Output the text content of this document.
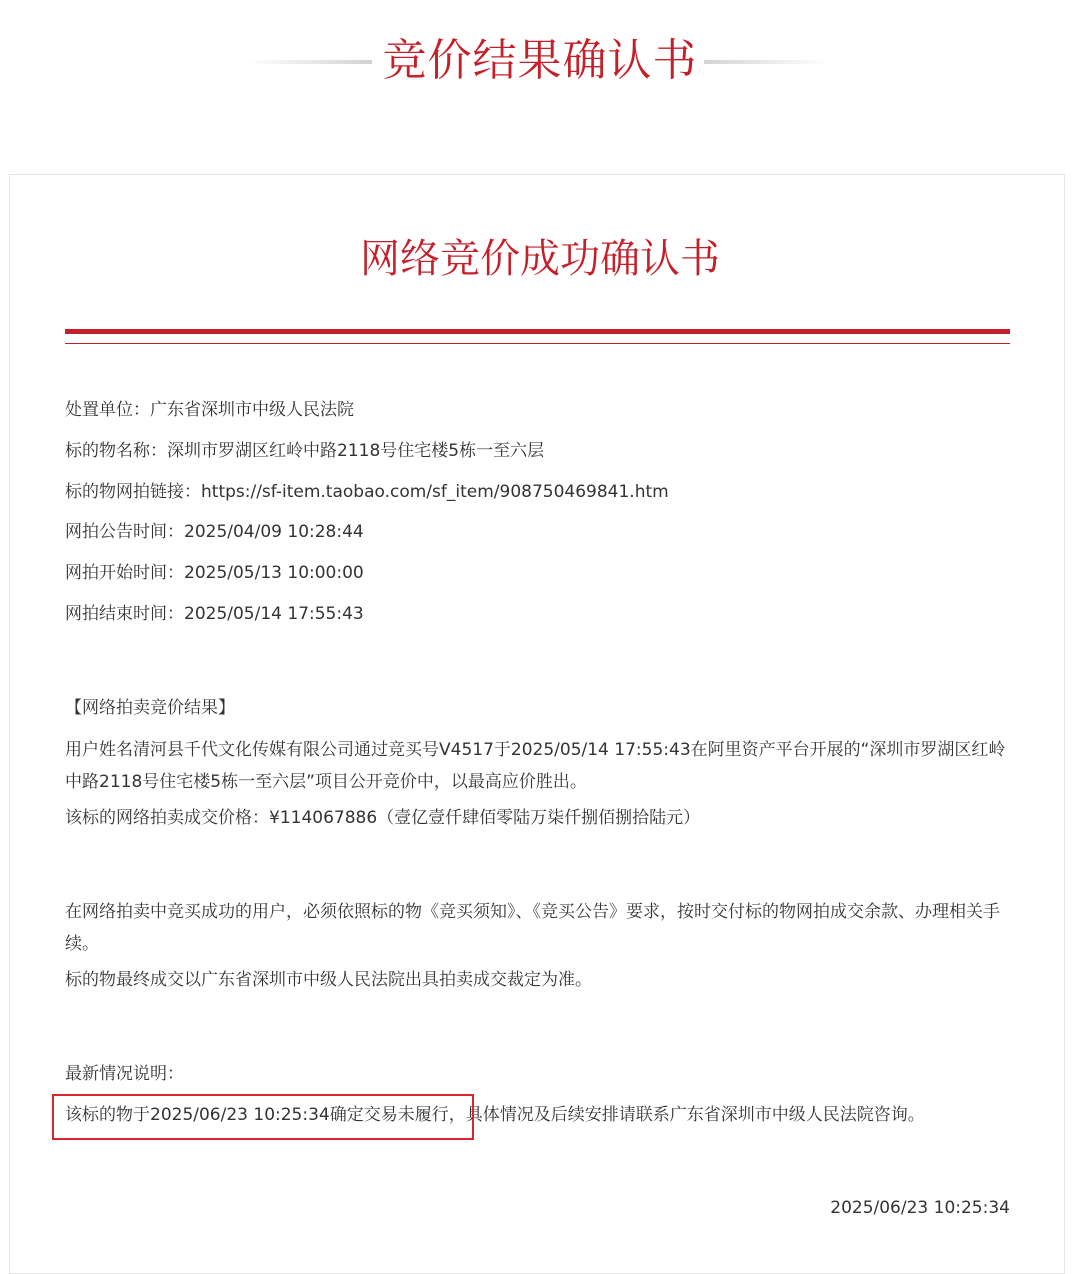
竞价结果确认书
网络竞价成功确认书
处置单位：广东省深圳市中级人民法院
标的物名称：深圳市罗湖区红岭中路2118号住宅楼5栋一至六层
标的物网拍链接：https://sf-item.taobao.com/sf_item/908750469841.htm
网拍公告时间：2025/04/09 10:28:44
网拍开始时间：2025/05/13 10:00:00
网拍结束时间：2025/05/14 17:55:43
【网络拍卖竞价结果】
用户姓名清河县千代文化传媒有限公司通过竞买号V4517于2025/05/14 17:55:43在阿里资产平台开展的“深圳市罗湖区红岭中路2118号住宅楼5栋一至六层”项目公开竞价中，以最高应价胜出。
该标的网络拍卖成交价格：¥114067886（壹亿壹仟肆佰零陆万柒仟捌佰捌拾陆元）
在网络拍卖中竞买成功的用户，必须依照标的物《竞买须知》、《竞买公告》要求，按时交付标的物网拍成交余款、办理相关手续。
标的物最终成交以广东省深圳市中级人民法院出具拍卖成交裁定为准。
最新情况说明：
该标的物于2025/06/23 10:25:34确定交易未履行，具体情况及后续安排请联系广东省深圳市中级人民法院咨询。
2025/06/23 10:25:34
